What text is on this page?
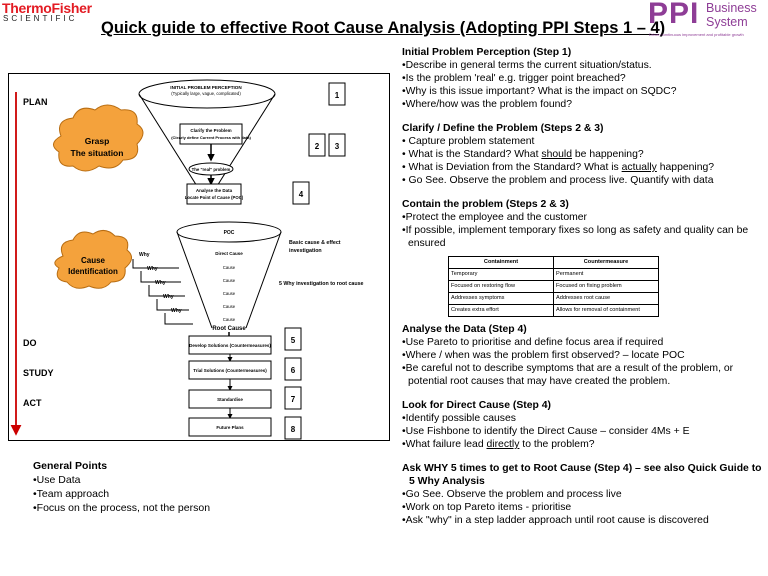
ThermoFisher
SCIENTIFIC
Quick guide to effective Root Cause Analysis (Adopting PPI Steps 1 – 4)
PPI Business
System
Driven continuous improvement and profitable growth
PLAN
DO
STUDY
ACT
Grasp
The situation
Cause
Identification
INITIAL PROBLEM PERCEPTION
(Typically large, vague, complicated)
Clarify the Problem
(Clearly define Current Process with data)
The "real" problem
Analyse the Data
Locate Point of Cause (POC)
POC
Direct Cause
Cause
Cause
Cause
Cause
Cause
Why
Why
Why
Why
Why
Basic cause & effect
investigation
5 Why investigation to root cause
Root Cause
Develop Solutions (Countermeasures)
Trial Solutions (Countermeasures)
Standardise
Future Plans
1
2 3
4
5
6
7
8
General Points
•Use Data
•Team approach
•Focus on the process, not the person

Initial Problem Perception (Step 1)

•Describe in general terms the current situation/status.
•Is the problem 'real' e.g. trigger point breached?
•Why is this issue important? What is the impact on SQDC?
•Where/how was the problem found?

Clarify / Define the Problem (Steps 2 & 3)

• Capture problem statement
• What is the Standard? What should be happening?
• What is Deviation from the Standard? What is actually happening?
• Go See. Observe the problem and process live. Quantify with data

Contain the problem (Steps 2 & 3)

•Protect the employee and the customer
•If possible, implement temporary fixes so long as safety and quality can be ensured
Containment	Countermeasure
Temporary	Permanent
Focused on restoring flow	Focused on fixing problem
Addresses symptoms	Addresses root cause
Creates extra effort	Allows for removal of containment

Analyse the Data (Step 4)

•Use Pareto to prioritise and define focus area if required
•Where / when was the problem first observed? – locate POC
•Be careful not to describe symptoms that are a result of the problem, or potential root causes that may have created the problem.

Look for Direct Cause (Step 4)

•Identify possible causes
•Use Fishbone to identify the Direct Cause – consider 4Ms + E
•What failure lead directly to the problem?

Ask WHY 5 times to get to Root Cause (Step 4) – see also Quick Guide to 5 Why Analysis

•Go See. Observe the problem and process live
•Work on top Pareto items - prioritise
•Ask "why" in a step ladder approach until root cause is discovered
